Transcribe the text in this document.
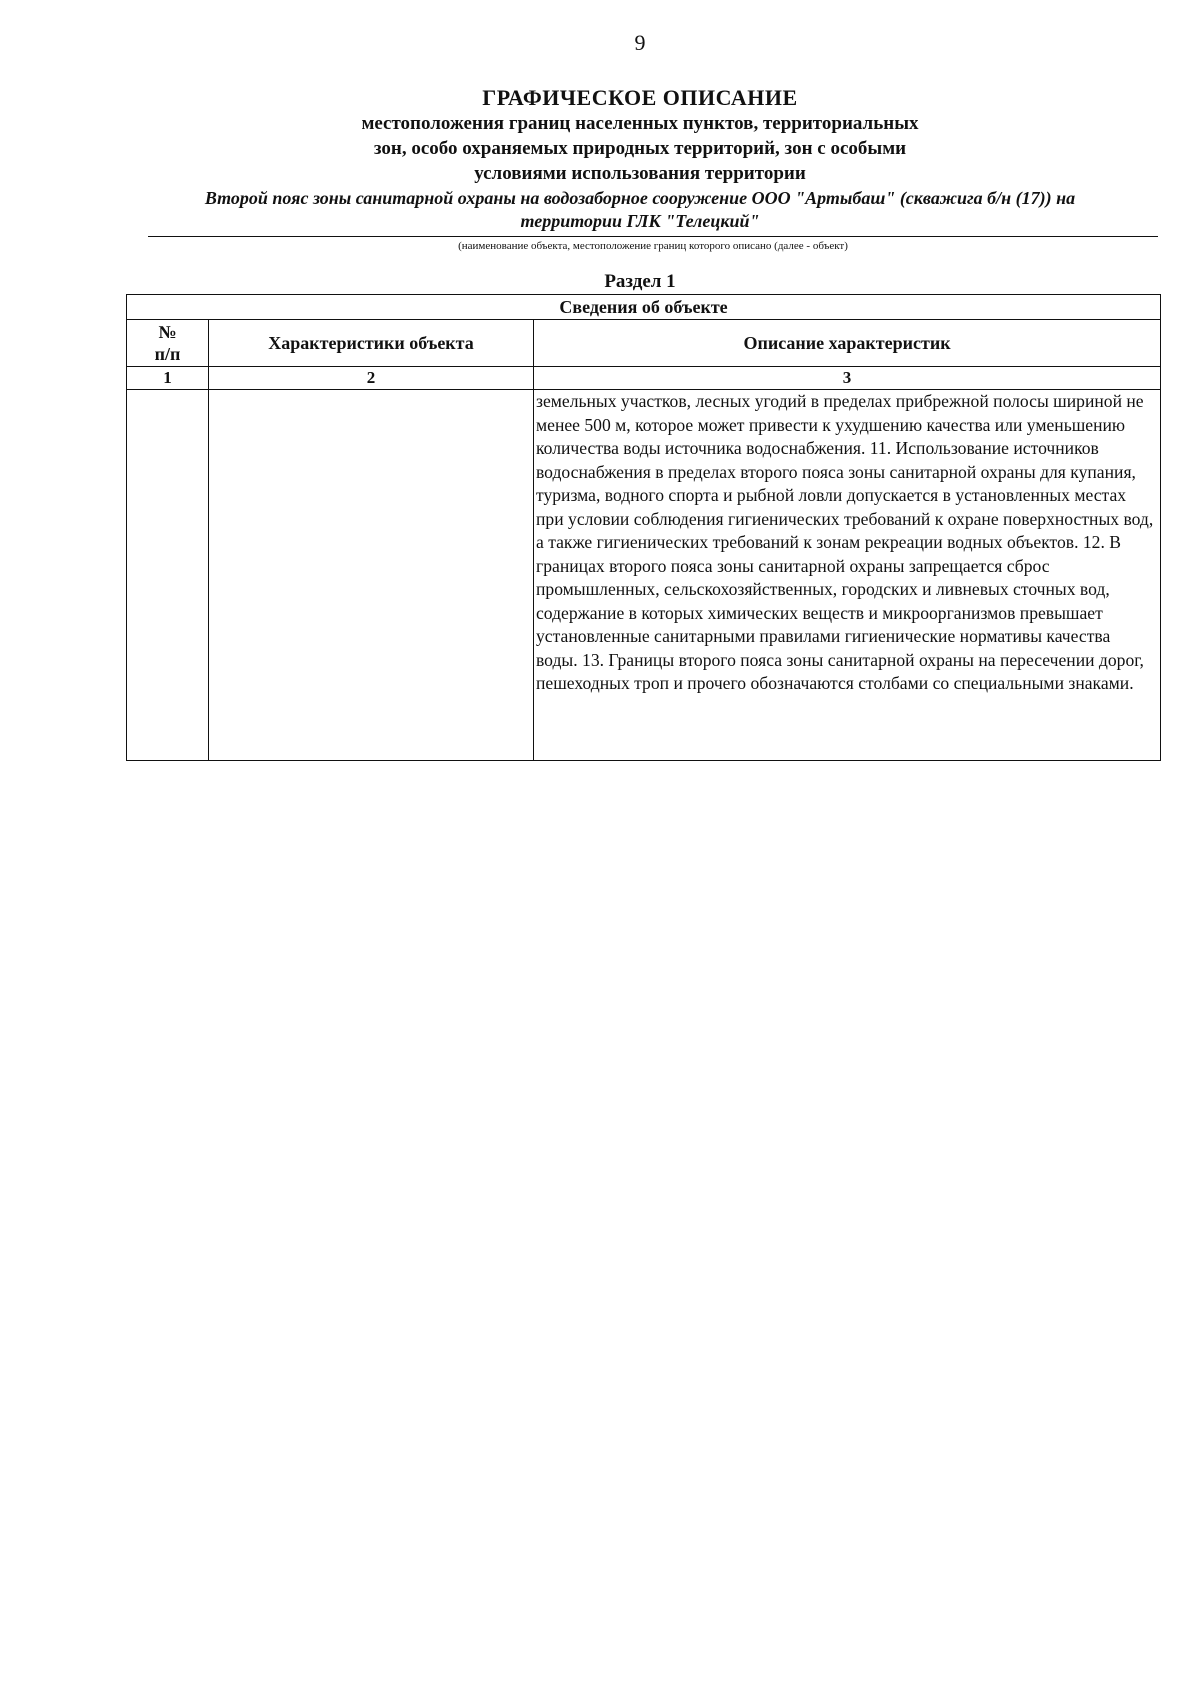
9
ГРАФИЧЕСКОЕ ОПИСАНИЕ
местоположения границ населенных пунктов, территориальных
зон, особо охраняемых природных территорий, зон с особыми
условиями использования территории
Второй пояс зоны санитарной охраны на водозаборное сооружение ООО "Артыбаш" (скважига б/н (17)) на
территории ГЛК "Телецкий"
(наименование объекта, местоположение границ которого описано (далее - объект)
Раздел 1
Сведения об объекте		

№
п/п	Характеристики объекта	Описание характеристик
1	2	3

		земельных участков, лесных угодий в пределах прибрежной полосы шириной не менее 500 м, которое может привести к ухудшению качества или уменьшению количества воды источника водоснабжения. 11. Использование источников водоснабжения в пределах второго пояса зоны санитарной охраны для купания, туризма, водного спорта и рыбной ловли допускается в установленных местах при условии соблюдения гигиенических требований к охране поверхностных вод, а также гигиенических требований к зонам рекреации водных объектов. 12. В границах второго пояса зоны санитарной охраны запрещается сброс промышленных, сельскохозяйственных, городских и ливневых сточных вод, содержание в которых химических веществ и микроорганизмов превышает установленные санитарными правилами гигиенические нормативы качества воды. 13. Границы второго пояса зоны санитарной охраны на пересечении дорог, пешеходных троп и прочего обозначаются столбами со специальными знаками.
